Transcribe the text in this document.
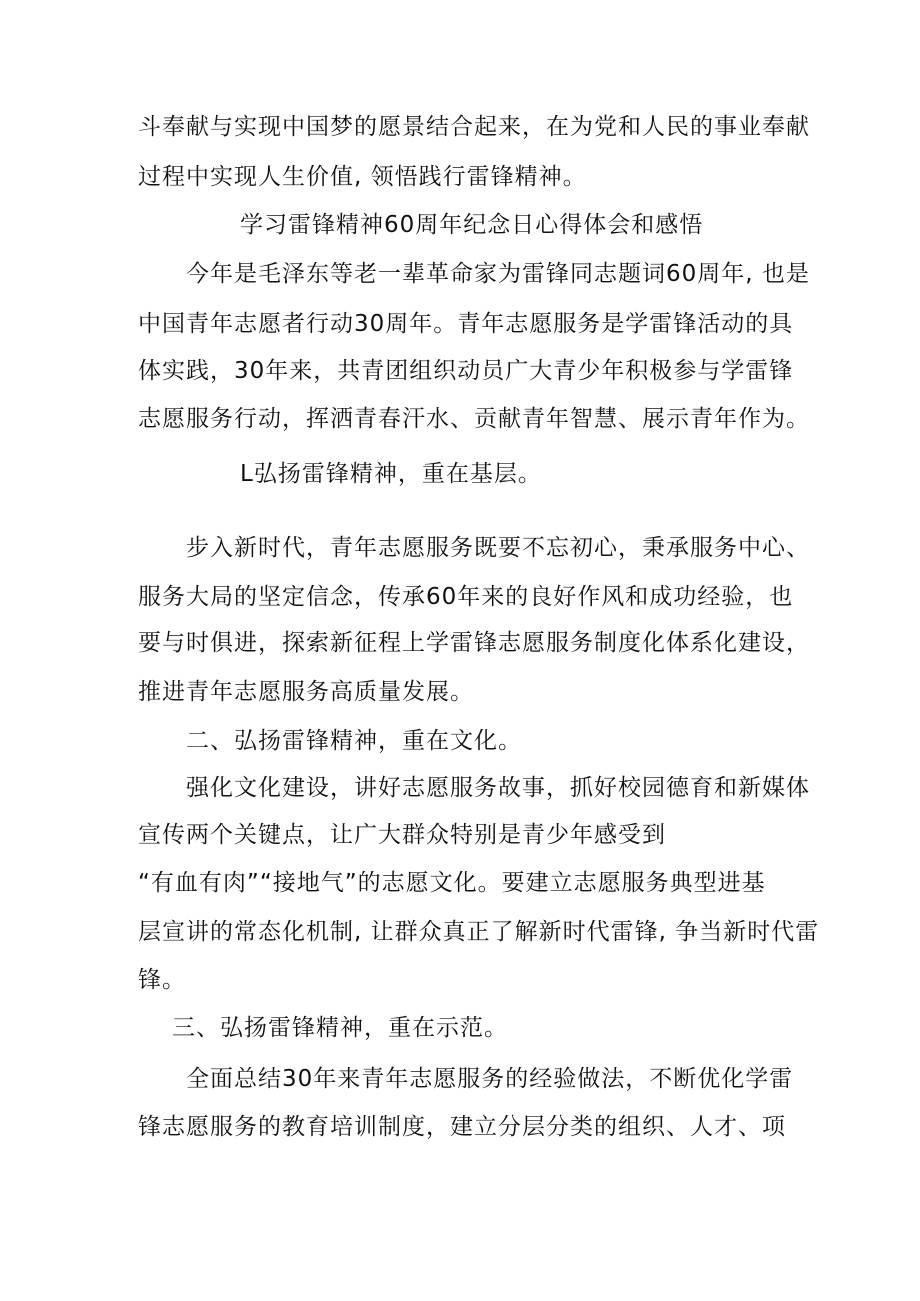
斗奉献与实现中国梦的愿景结合起来，在为党和人民的事业奉献
过程中实现人生价值, 领悟践行雷锋精神。
学习雷锋精神60周年纪念日心得体会和感悟
今年是毛泽东等老一辈革命家为雷锋同志题词60周年, 也是
中国青年志愿者行动30周年。青年志愿服务是学雷锋活动的具
体实践，30年来，共青团组织动员广大青少年积极参与学雷锋
志愿服务行动，挥洒青春汗水、贡献青年智慧、展示青年作为。
L弘扬雷锋精神，重在基层。
步入新时代，青年志愿服务既要不忘初心，秉承服务中心、
服务大局的坚定信念，传承60年来的良好作风和成功经验，也
要与时俱进，探索新征程上学雷锋志愿服务制度化体系化建设，
推进青年志愿服务高质量发展。
二、弘扬雷锋精神，重在文化。
强化文化建设，讲好志愿服务故事，抓好校园德育和新媒体
宣传两个关键点，让广大群众特别是青少年感受到
“有血有肉”“接地气”的志愿文化。要建立志愿服务典型进基
层宣讲的常态化机制, 让群众真正了解新时代雷锋, 争当新时代雷
锋。
三、弘扬雷锋精神，重在示范。
全面总结30年来青年志愿服务的经验做法，不断优化学雷
锋志愿服务的教育培训制度，建立分层分类的组织、人才、项
